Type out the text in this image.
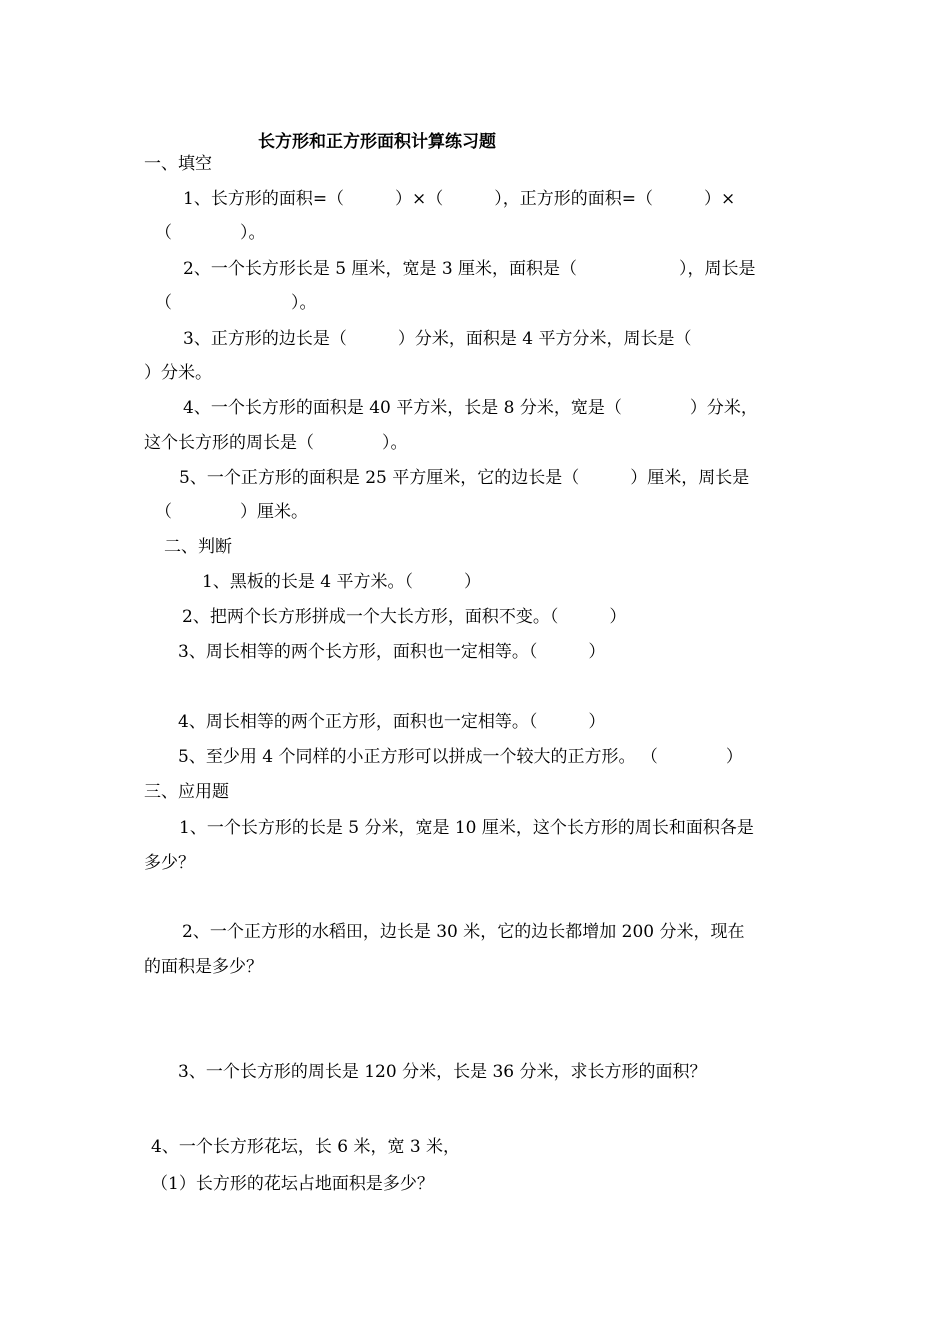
长方形和正方形面积计算练习题
一、填空
1、长方形的面积=（　　　）×（　　　），正方形的面积=（　　　）×
（　　　　）。
2、一个长方形长是 5 厘米，宽是 3 厘米，面积是（　　　　　　），周长是
（　　　　　　　）。
3、正方形的边长是（　　　）分米，面积是 4 平方分米，周长是（
）分米。
4、一个长方形的面积是 40 平方米，长是 8 分米，宽是（　　　　）分米，
这个长方形的周长是（　　　　）。
5、一个正方形的面积是 25 平方厘米，它的边长是（　　　）厘米，周长是
（　　　　）厘米。
二、判断
1、黑板的长是 4 平方米。（　　　）
2、把两个长方形拼成一个大长方形，面积不变。（　　　）
3、周长相等的两个长方形，面积也一定相等。（　　　）
4、周长相等的两个正方形，面积也一定相等。（　　　）
5、至少用 4 个同样的小正方形可以拼成一个较大的正方形。 （　　　　）
三、应用题
1、一个长方形的长是 5 分米，宽是 10 厘米，这个长方形的周长和面积各是
多少？
2、一个正方形的水稻田，边长是 30 米，它的边长都增加 200 分米，现在
的面积是多少？
3、一个长方形的周长是 120 分米，长是 36 分米，求长方形的面积？
4、一个长方形花坛，长 6 米，宽 3 米，
（1）长方形的花坛占地面积是多少？
